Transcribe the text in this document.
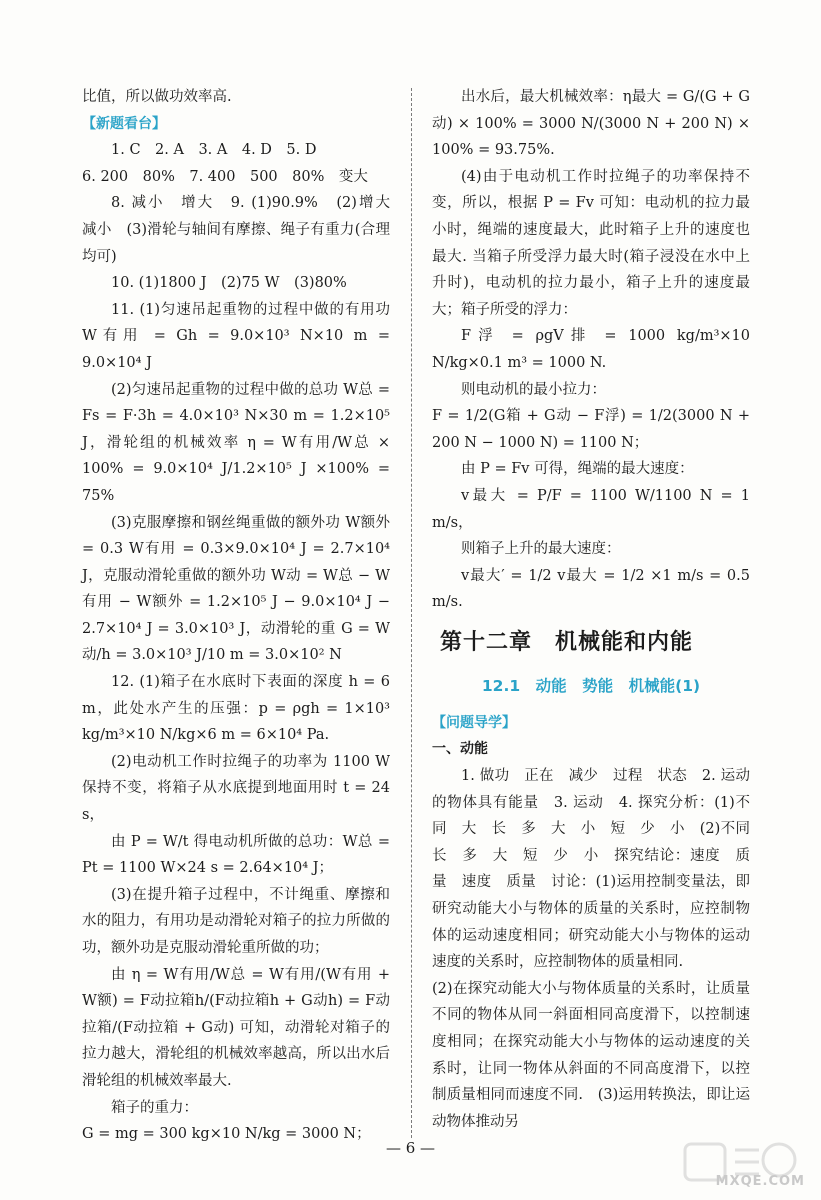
比值，所以做功效率高.

【新题看台】

1. C　2. A　3. A　4. D　5. D

6. 200　80%　7. 400　500　80%　变大

8. 减小　增大　9. (1)90.9%　(2)增大　减小　(3)滑轮与轴间有摩擦、绳子有重力(合理均可)

10. (1)1800 J　(2)75 W　(3)80%

11. (1)匀速吊起重物的过程中做的有用功 W有用 = Gh = 9.0×10³ N×10 m = 9.0×10⁴ J

(2)匀速吊起重物的过程中做的总功 W总 = Fs = F·3h = 4.0×10³ N×30 m = 1.2×10⁵ J，滑轮组的机械效率 η = W有用/W总 × 100% = 9.0×10⁴ J/1.2×10⁵ J ×100% = 75%

(3)克服摩擦和钢丝绳重做的额外功 W额外 = 0.3 W有用 = 0.3×9.0×10⁴ J = 2.7×10⁴ J，克服动滑轮重做的额外功 W动 = W总 − W有用 − W额外 = 1.2×10⁵ J − 9.0×10⁴ J − 2.7×10⁴ J = 3.0×10³ J，动滑轮的重 G = W动/h = 3.0×10³ J/10 m = 3.0×10² N

12. (1)箱子在水底时下表面的深度 h = 6 m，此处水产生的压强：p = ρgh = 1×10³ kg/m³×10 N/kg×6 m = 6×10⁴ Pa.

(2)电动机工作时拉绳子的功率为 1100 W 保持不变，将箱子从水底提到地面用时 t = 24 s，

由 P = W/t 得电动机所做的总功：W总 = Pt = 1100 W×24 s = 2.64×10⁴ J；

(3)在提升箱子过程中，不计绳重、摩擦和水的阻力，有用功是动滑轮对箱子的拉力所做的功，额外功是克服动滑轮重所做的功；

由 η = W有用/W总 = W有用/(W有用 + W额) = F动拉箱h/(F动拉箱h + G动h) = F动拉箱/(F动拉箱 + G动) 可知，动滑轮对箱子的拉力越大，滑轮组的机械效率越高，所以出水后滑轮组的机械效率最大.

箱子的重力：

G = mg = 300 kg×10 N/kg = 3000 N；

出水后，最大机械效率：η最大 = G/(G + G动) × 100% = 3000 N/(3000 N + 200 N) × 100% = 93.75%.

(4)由于电动机工作时拉绳子的功率保持不变，所以，根据 P = Fv 可知：电动机的拉力最小时，绳端的速度最大，此时箱子上升的速度也最大. 当箱子所受浮力最大时(箱子浸没在水中上升时)，电动机的拉力最小，箱子上升的速度最大；箱子所受的浮力：

F浮 = ρgV排 = 1000 kg/m³×10 N/kg×0.1 m³ = 1000 N.

则电动机的最小拉力：

F = 1/2(G箱 + G动 − F浮) = 1/2(3000 N + 200 N − 1000 N) = 1100 N；

由 P = Fv 可得，绳端的最大速度：

v最大 = P/F = 1100 W/1100 N = 1 m/s，

则箱子上升的最大速度：

v最大′ = 1/2 v最大 = 1/2 ×1 m/s = 0.5 m/s.

第十二章　机械能和内能
12.1　动能　势能　机械能(1)

【问题导学】

一、动能

1. 做功　正在　减少　过程　状态　2. 运动的物体具有能量　3. 运动　4. 探究分析：(1)不同　大　长　多　大　小　短　少　小　(2)不同　长　多　大　短　少　小　探究结论：速度　质量　速度　质量　讨论：(1)运用控制变量法，即研究动能大小与物体的质量的关系时，应控制物体的运动速度相同；研究动能大小与物体的运动速度的关系时，应控制物体的质量相同.

(2)在探究动能大小与物体质量的关系时，让质量不同的物体从同一斜面相同高度滑下，以控制速度相同；在探究动能大小与物体的运动速度的关系时，让同一物体从斜面的不同高度滑下，以控制质量相同而速度不同.　(3)运用转换法，即让运动物体推动另

— 6 —
MXQE.COM
